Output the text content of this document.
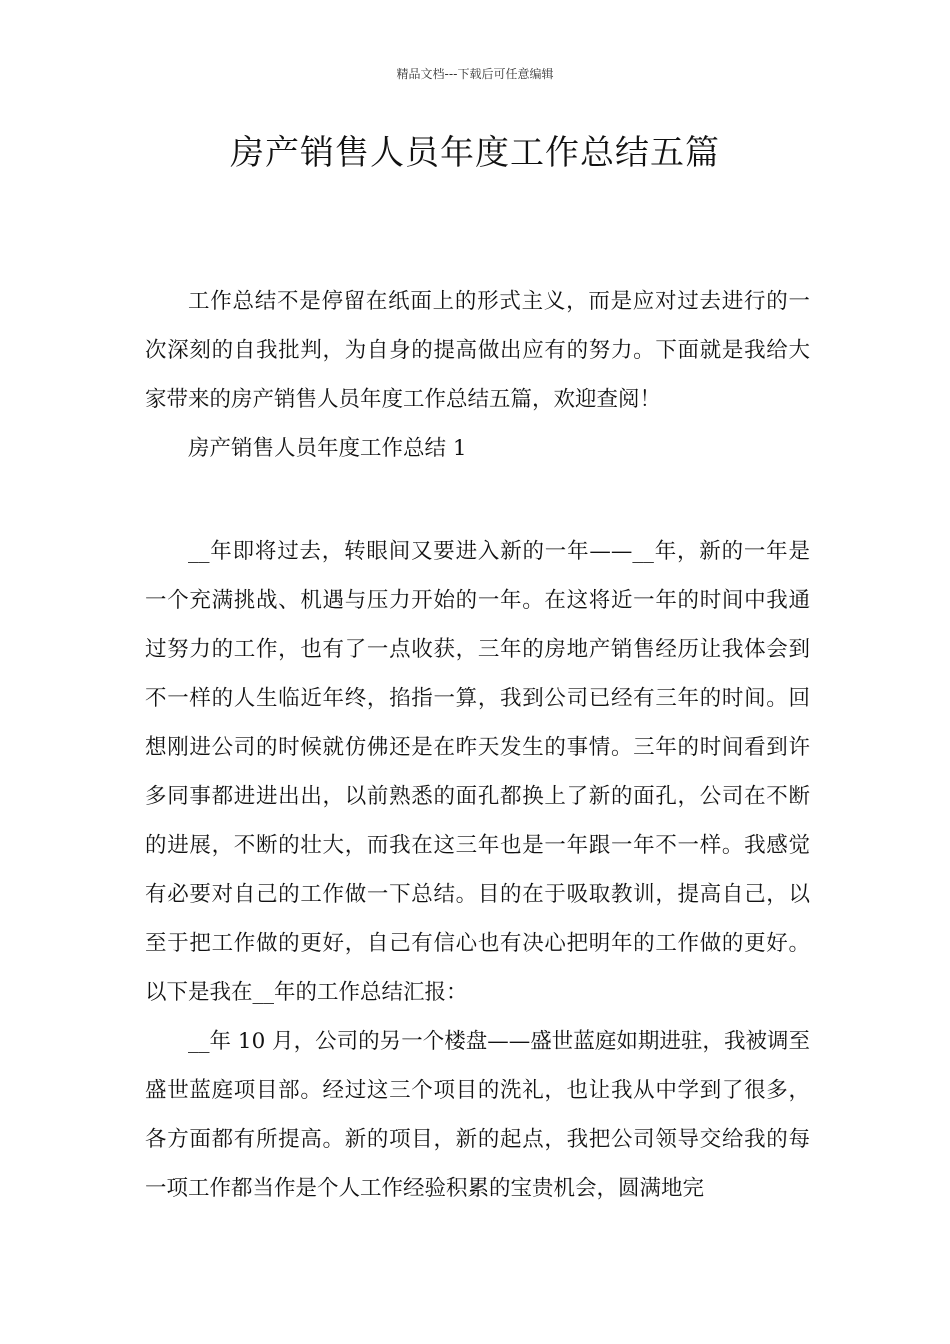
精品文档---下载后可任意编辑
房产销售人员年度工作总结五篇

工作总结不是停留在纸面上的形式主义，而是应对过去进行的一次深刻的自我批判，为自身的提高做出应有的努力。下面就是我给大家带来的房产销售人员年度工作总结五篇，欢迎查阅！

房产销售人员年度工作总结 1

__年即将过去，转眼间又要进入新的一年——__年，新的一年是一个充满挑战、机遇与压力开始的一年。在这将近一年的时间中我通过努力的工作，也有了一点收获，三年的房地产销售经历让我体会到不一样的人生临近年终，掐指一算，我到公司已经有三年的时间。回想刚进公司的时候就仿佛还是在昨天发生的事情。三年的时间看到许多同事都进进出出，以前熟悉的面孔都换上了新的面孔，公司在不断的进展，不断的壮大，而我在这三年也是一年跟一年不一样。我感觉有必要对自己的工作做一下总结。目的在于吸取教训，提高自己，以至于把工作做的更好，自己有信心也有决心把明年的工作做的更好。以下是我在__年的工作总结汇报：

__年 10 月，公司的另一个楼盘——盛世蓝庭如期进驻，我被调至盛世蓝庭项目部。经过这三个项目的洗礼，也让我从中学到了很多，各方面都有所提高。新的项目，新的起点，我把公司领导交给我的每一项工作都当作是个人工作经验积累的宝贵机会，圆满地完
